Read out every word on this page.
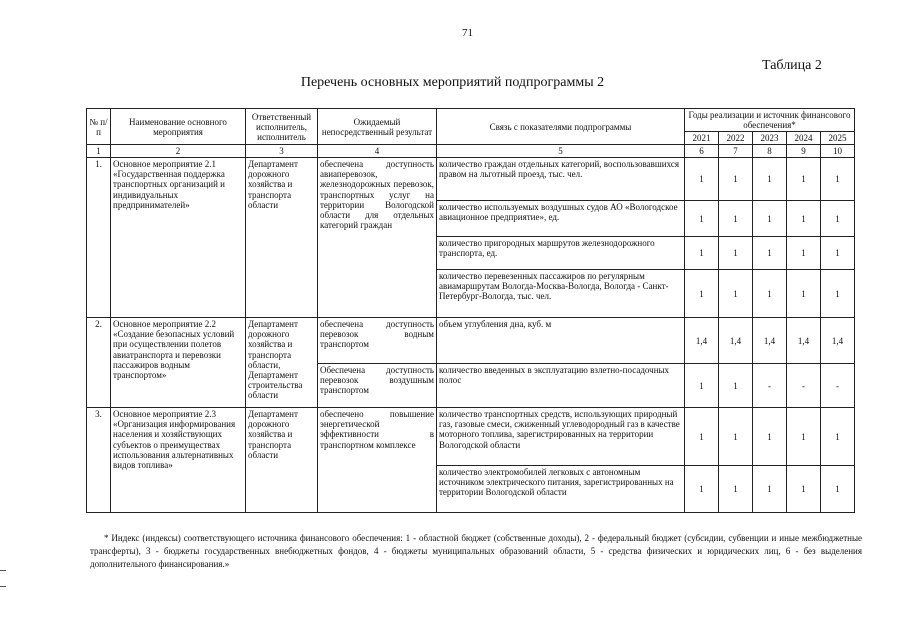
71
Таблица 2
Перечень основных мероприятий подпрограммы 2
№ п/п	Наименование основного мероприятия	Ответственный исполнитель, исполнитель	Ожидаемый непосредственный результат	Связь с показателями подпрограммы	Годы реализации и источник финансового обеспечения*				
					2021	2022	2023	2024	2025
1	2	3	4	5	6	7	8	9	10
1.	Основное мероприятие 2.1 «Государственная поддержка транспортных организаций и индивидуальных предпринимателей»	Департамент дорожного хозяйства и транспорта области	обеспечена доступность авиаперевозок, железнодорожных перевозок, транспортных услуг на территории Вологодской области для отдельных категорий граждан	количество граждан отдельных категорий, воспользовавшихся правом на льготный проезд, тыс. чел.	1	1	1	1	1
				количество используемых воздушных судов АО «Вологодское авиационное предприятие», ед.	1	1	1	1	1
				количество пригородных маршрутов железнодорожного транспорта, ед.	1	1	1	1	1
				количество перевезенных пассажиров по регулярным авиамаршрутам Вологда-Москва-Вологда, Вологда - Санкт-Петербург-Вологда, тыс. чел.	1	1	1	1	1
2.	Основное мероприятие 2.2 «Создание безопасных условий при осуществлении полетов авиатранспорта и перевозки пассажиров водным транспортом»	Департамент дорожного хозяйства и транспорта области, Департамент строительства области	обеспечена доступность перевозок водным транспортом	объем углубления дна, куб. м	1,4	1,4	1,4	1,4	1,4
			Обеспечена доступность перевозок воздушным транспортом	количество введенных в эксплуатацию взлетно-посадочных полос	1	1	-	-	-
3.	Основное мероприятие 2.3 «Организация информирования населения и хозяйствующих субъектов о преимуществах использования альтернативных видов топлива»	Департамент дорожного хозяйства и транспорта области	обеспечено повышение энергетической эффективности в транспортном комплексе	количество транспортных средств, использующих природный газ, газовые смеси, сжиженный углеводородный газ в качестве моторного топлива, зарегистрированных на территории Вологодской области	1	1	1	1	1
				количество электромобилей легковых с автономным источником электрического питания, зарегистрированных на территории Вологодской области	1	1	1	1	1
* Индекс (индексы) соответствующего источника финансового обеспечения: 1 - областной бюджет (собственные доходы), 2 - федеральный бюджет (субсидии, субвенции и иные межбюджетные трансферты), 3 - бюджеты государственных внебюджетных фондов, 4 - бюджеты муниципальных образований области, 5 - средства физических и юридических лиц, 6 - без выделения дополнительного финансирования.»
